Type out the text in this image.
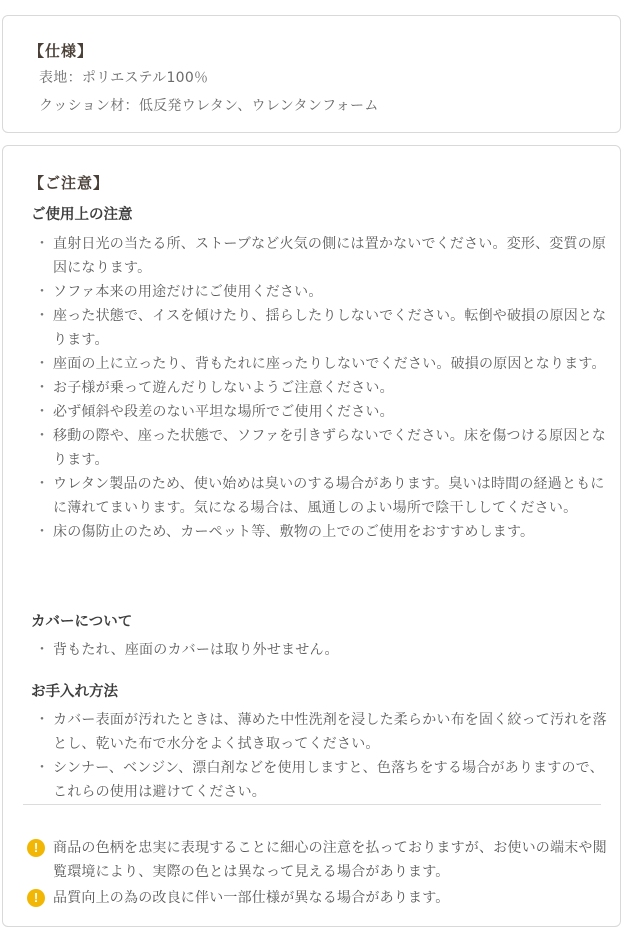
【仕様】
表地：ポリエステル100％
クッション材：低反発ウレタン、ウレンタンフォーム
【ご注意】
ご使用上の注意
・ 直射日光の当たる所、ストーブなど火気の側には置かないでください。変形、変質の原因になります。
・ ソファ本来の用途だけにご使用ください。
・ 座った状態で、イスを傾けたり、揺らしたりしないでください。転倒や破損の原因となります。
・ 座面の上に立ったり、背もたれに座ったりしないでください。破損の原因となります。
・ お子様が乗って遊んだりしないようご注意ください。
・ 必ず傾斜や段差のない平坦な場所でご使用ください。
・ 移動の際や、座った状態で、ソファを引きずらないでください。床を傷つける原因となります。
・ ウレタン製品のため、使い始めは臭いのする場合があります。臭いは時間の経過ともにに薄れてまいります。気になる場合は、風通しのよい場所で陰干ししてください。
・ 床の傷防止のため、カーペット等、敷物の上でのご使用をおすすめします。
カバーについて
・ 背もたれ、座面のカバーは取り外せません。
お手入れ方法
・ カバー表面が汚れたときは、薄めた中性洗剤を浸した柔らかい布を固く絞って汚れを落とし、乾いた布で水分をよく拭き取ってください。
・ シンナー、ベンジン、漂白剤などを使用しますと、色落ちをする場合がありますので、これらの使用は避けてください。
!	商品の色柄を忠実に表現することに細心の注意を払っておりますが、お使いの端末や閲覧環境により、実際の色とは異なって見える場合があります。
!	品質向上の為の改良に伴い一部仕様が異なる場合があります。
